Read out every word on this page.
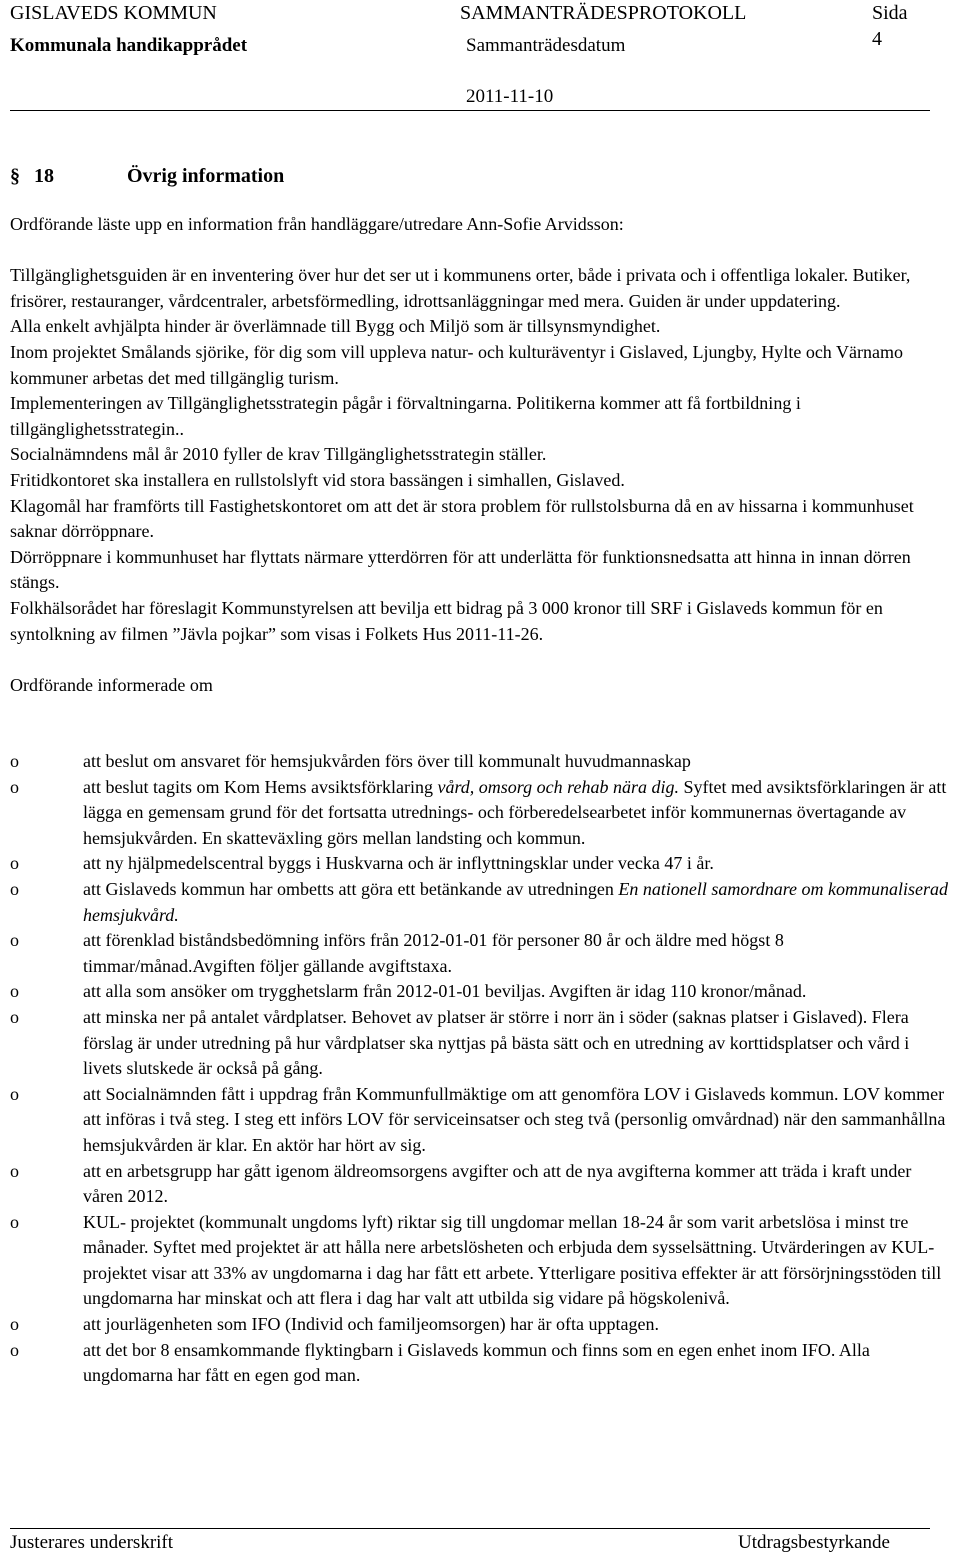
GISLAVEDS KOMMUN	SAMMANTRÄDESPROTOKOLL	Sida
4
Kommunala handikapprådet	Sammanträdesdatum
2011-11-10
§ 18	Övrig information

Ordförande läste upp en information från handläggare/utredare Ann-Sofie Arvidsson:

Tillgänglighetsguiden är en inventering över hur det ser ut i kommunens orter, både i privata och i offentliga lokaler. Butiker, frisörer, restauranger, vårdcentraler, arbetsförmedling, idrottsanläggningar med mera. Guiden är under uppdatering.

Alla enkelt avhjälpta hinder är överlämnade till Bygg och Miljö som är tillsynsmyndighet.

Inom projektet Smålands sjörike, för dig som vill uppleva natur- och kulturäventyr i Gislaved, Ljungby, Hylte och Värnamo kommuner arbetas det med tillgänglig turism.

Implementeringen av Tillgänglighetsstrategin pågår i förvaltningarna. Politikerna kommer att få fortbildning i tillgänglighetsstrategin..

Socialnämndens mål år 2010 fyller de krav Tillgänglighetsstrategin ställer.

Fritidkontoret ska installera en rullstolslyft vid stora bassängen i simhallen, Gislaved.

Klagomål har framförts till Fastighetskontoret om att det är stora problem för rullstolsburna då en av hissarna i kommunhuset saknar dörröppnare.

Dörröppnare i kommunhuset har flyttats närmare ytterdörren för att underlätta för funktionsnedsatta att hinna in innan dörren stängs.

Folkhälsorådet har föreslagit Kommunstyrelsen att bevilja ett bidrag på 3 000 kronor till SRF i Gislaveds kommun för en syntolkning av filmen ”Jävla pojkar” som visas i Folkets Hus 2011-11-26.

Ordförande informerade om

o	att beslut om ansvaret för hemsjukvården förs över till kommunalt huvudmannaskap
o	att beslut tagits om Kom Hems avsiktsförklaring vård, omsorg och rehab nära dig. Syftet med avsiktsförklaringen är att lägga en gemensam grund för det fortsatta utrednings- och förberedelsearbetet inför kommunernas övertagande av hemsjukvården. En skatteväxling görs mellan landsting och kommun.
o	att ny hjälpmedelscentral byggs i Huskvarna och är inflyttningsklar under vecka 47 i år.
o	att Gislaveds kommun har ombetts att göra ett betänkande av utredningen En nationell samordnare om kommunaliserad hemsjukvård.
o	att förenklad biståndsbedömning införs från 2012-01-01 för personer 80 år och äldre med högst 8 timmar/månad.Avgiften följer gällande avgiftstaxa.
o	att alla som ansöker om trygghetslarm från 2012-01-01 beviljas. Avgiften är idag 110 kronor/månad.
o	att minska ner på antalet vårdplatser. Behovet av platser är större i norr än i söder (saknas platser i Gislaved). Flera förslag är under utredning på hur vårdplatser ska nyttjas på bästa sätt och en utredning av korttidsplatser och vård i livets slutskede är också på gång.
o	att Socialnämnden fått i uppdrag från Kommunfullmäktige om att genomföra LOV i Gislaveds kommun. LOV kommer att införas i två steg. I steg ett införs LOV för serviceinsatser och steg två (personlig omvårdnad) när den sammanhållna hemsjukvården är klar. En aktör har hört av sig.
o	att en arbetsgrupp har gått igenom äldreomsorgens avgifter och att de nya avgifterna kommer att träda i kraft under våren 2012.
o	KUL- projektet (kommunalt ungdoms lyft) riktar sig till ungdomar mellan 18-24 år som varit arbetslösa i minst tre månader. Syftet med projektet är att hålla nere arbetslösheten och erbjuda dem sysselsättning. Utvärderingen av KUL-projektet visar att 33% av ungdomarna i dag har fått ett arbete. Ytterligare positiva effekter är att försörjningsstöden till ungdomarna har minskat och att flera i dag har valt att utbilda sig vidare på högskolenivå.
o	att jourlägenheten som IFO (Individ och familjeomsorgen) har är ofta upptagen.
o	att det bor 8 ensamkommande flyktingbarn i Gislaveds kommun och finns som en egen enhet inom IFO. Alla ungdomarna har fått en egen god man.
Justerares underskrift	Utdragsbestyrkande
